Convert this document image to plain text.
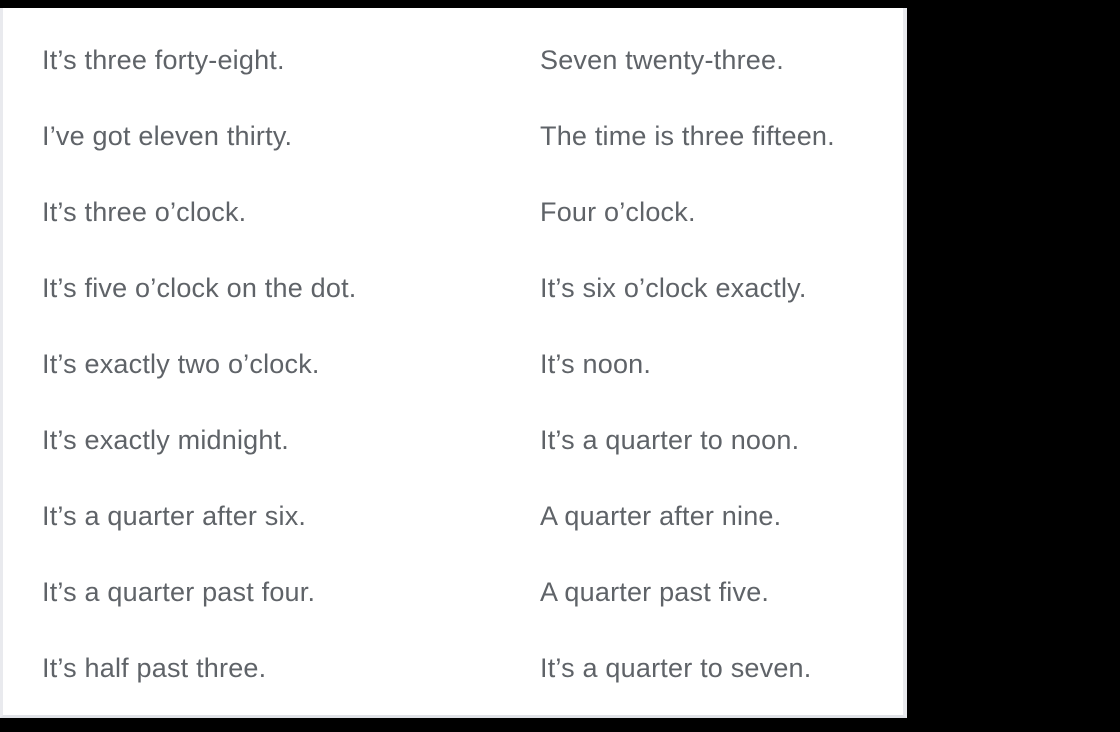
It’s three forty-eight.	Seven twenty-three.
I’ve got eleven thirty.	The time is three fifteen.
It’s three o’clock.	Four o’clock.
It’s five o’clock on the dot.	It’s six o’clock exactly.
It’s exactly two o’clock.	It’s noon.
It’s exactly midnight.	It’s a quarter to noon.
It’s a quarter after six.	A quarter after nine.
It’s a quarter past four.	A quarter past five.
It’s half past three.	It’s a quarter to seven.
